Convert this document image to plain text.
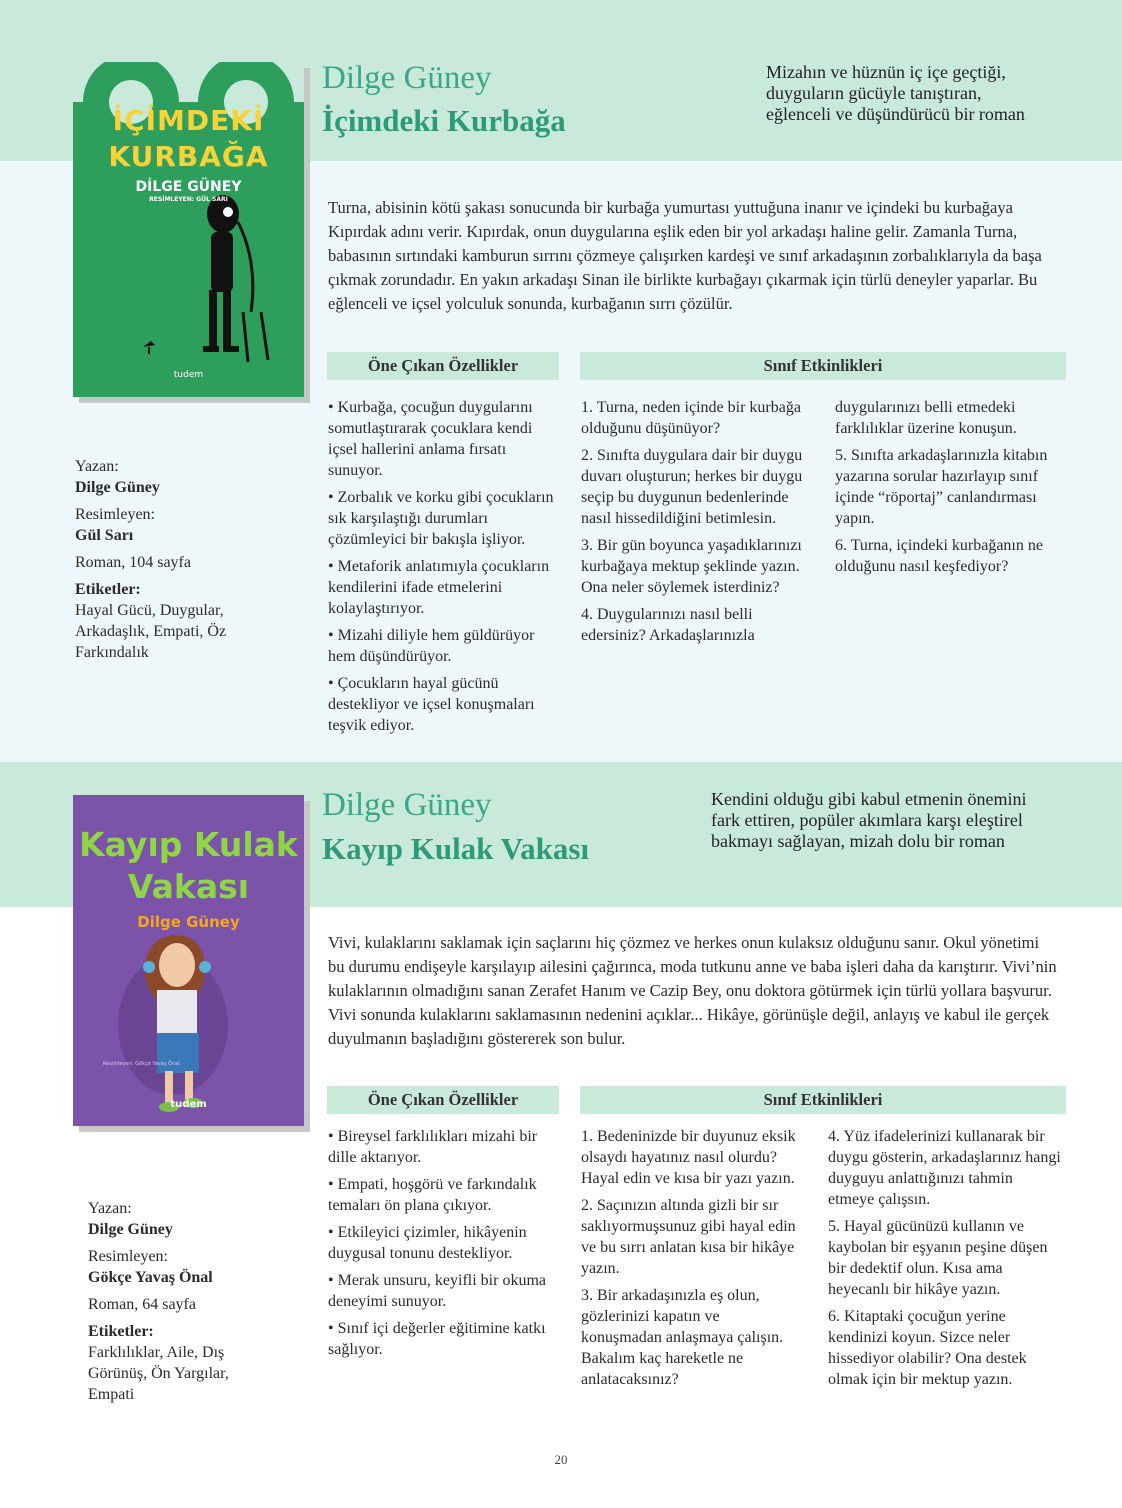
İÇİMDEKİ
KURBAĞA
DİLGE GÜNEY
RESİMLEYEN: GÜL SARI
tudem
Dilge Güney
İçimdeki Kurbağa
Mizahın ve hüznün iç içe geçtiği,
duyguların gücüyle tanıştıran,
eğlenceli ve düşündürücü bir roman

Turna, abisinin kötü şakası sonucunda bir kurbağa yumurtası yuttuğuna inanır ve içindeki bu kurbağaya Kıpırdak adını verir. Kıpırdak, onun duygularına eşlik eden bir yol arkadaşı haline gelir. Zamanla Turna, babasının sırtındaki kamburun sırrını çözmeye çalışırken kardeşi ve sınıf arkadaşının zorbalıklarıyla da başa çıkmak zorundadır. En yakın arkadaşı Sinan ile birlikte kurbağayı çıkarmak için türlü deneyler yaparlar. Bu eğlenceli ve içsel yolculuk sonunda, kurbağanın sırrı çözülür.

Öne Çıkan Özellikler	Sınıf Etkinlikleri

• Kurbağa, çocuğun duygularını somutlaştırarak çocuklara kendi içsel hallerini anlama fırsatı sunuyor.

• Zorbalık ve korku gibi çocukların sık karşılaştığı durumları çözümleyici bir bakışla işliyor.

• Metaforik anlatımıyla çocukların kendilerini ifade etmelerini kolaylaştırıyor.

• Mizahi diliyle hem güldürüyor hem düşündürüyor.

• Çocukların hayal gücünü destekliyor ve içsel konuşmaları teşvik ediyor.

1. Turna, neden içinde bir kurbağa olduğunu düşünüyor?

2. Sınıfta duygulara dair bir duygu duvarı oluşturun; herkes bir duygu seçip bu duygunun bedenlerinde nasıl hissedildiğini betimlesin.

3. Bir gün boyunca yaşadıklarınızı kurbağaya mektup şeklinde yazın. Ona neler söylemek isterdiniz?

4. Duygularınızı nasıl belli edersiniz? Arkadaşlarınızla

duygularınızı belli etmedeki farklılıklar üzerine konuşun.

5. Sınıfta arkadaşlarınızla kitabın yazarına sorular hazırlayıp sınıf içinde “röportaj” canlandırması yapın.

6. Turna, içindeki kurbağanın ne olduğunu nasıl keşfediyor?

Yazan:
Dilge Güney
Resimleyen:
Gül Sarı
Roman, 104 sayfa
Etiketler:
Hayal Gücü, Duygular, Arkadaşlık, Empati, Öz Farkındalık
Kayıp Kulak
Vakası
Dilge Güney
Resimleyen: Gökçe Yavaş Önal
tudem
Dilge Güney
Kayıp Kulak Vakası
Kendini olduğu gibi kabul etmenin önemini
fark ettiren, popüler akımlara karşı eleştirel
bakmayı sağlayan, mizah dolu bir roman

Vivi, kulaklarını saklamak için saçlarını hiç çözmez ve herkes onun kulaksız olduğunu sanır. Okul yönetimi bu durumu endişeyle karşılayıp ailesini çağırınca, moda tutkunu anne ve baba işleri daha da karıştırır. Vivi’nin kulaklarının olmadığını sanan Zerafet Hanım ve Cazip Bey, onu doktora götürmek için türlü yollara başvurur. Vivi sonunda kulaklarını saklamasının nedenini açıklar... Hikâye, görünüşle değil, anlayış ve kabul ile gerçek duyulmanın başladığını göstererek son bulur.

Öne Çıkan Özellikler	Sınıf Etkinlikleri

• Bireysel farklılıkları mizahi bir dille aktarıyor.

• Empati, hoşgörü ve farkındalık temaları ön plana çıkıyor.

• Etkileyici çizimler, hikâyenin duygusal tonunu destekliyor.

• Merak unsuru, keyifli bir okuma deneyimi sunuyor.

• Sınıf içi değerler eğitimine katkı sağlıyor.

1. Bedeninizde bir duyunuz eksik olsaydı hayatınız nasıl olurdu? Hayal edin ve kısa bir yazı yazın.

2. Saçınızın altında gizli bir sır saklıyormuşsunuz gibi hayal edin ve bu sırrı anlatan kısa bir hikâye yazın.

3. Bir arkadaşınızla eş olun, gözlerinizi kapatın ve konuşmadan anlaşmaya çalışın. Bakalım kaç hareketle ne anlatacaksınız?

4. Yüz ifadelerinizi kullanarak bir duygu gösterin, arkadaşlarınız hangi duyguyu anlattığınızı tahmin etmeye çalışsın.

5. Hayal gücünüzü kullanın ve kaybolan bir eşyanın peşine düşen bir dedektif olun. Kısa ama heyecanlı bir hikâye yazın.

6. Kitaptaki çocuğun yerine kendinizi koyun. Sizce neler hissediyor olabilir? Ona destek olmak için bir mektup yazın.

Yazan:
Dilge Güney
Resimleyen:
Gökçe Yavaş Önal
Roman, 64 sayfa
Etiketler:
Farklılıklar, Aile, Dış Görünüş, Ön Yargılar, Empati
20
